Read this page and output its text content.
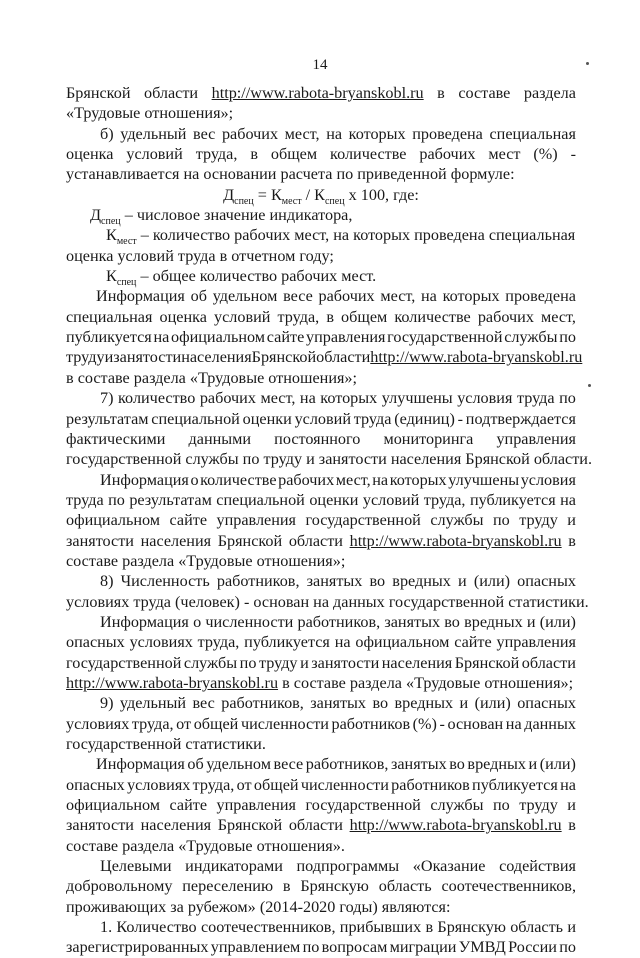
14
Брянской области http://www.rabota-bryanskobl.ru в составе раздела
«Трудовые отношения»;
б) удельный вес рабочих мест, на которых проведена специальная
оценка условий труда, в общем количестве рабочих мест (%) -
устанавливается на основании расчета по приведенной формуле:
$Д_{спец} = К_{мест} / К_{спец}$ х 100, где:
$Д_{спец}$ – числовое значение индикатора,
$К_{мест}$ – количество рабочих мест, на которых проведена специальная
оценка условий труда в отчетном году;
$К_{спец}$ – общее количество рабочих мест.
Информация об удельном весе рабочих мест, на которых проведена
специальная оценка условий труда, в общем количестве рабочих мест,
публикуется на официальном сайте управления государственной службы по
труду и занятости населения Брянской области http://www.rabota-bryanskobl.ru
в составе раздела «Трудовые отношения»;
7) количество рабочих мест, на которых улучшены условия труда по
результатам специальной оценки условий труда (единиц) - подтверждается
фактическими данными постоянного мониторинга управления
государственной службы по труду и занятости населения Брянской области.
Информация о количестве рабочих мест, на которых улучшены условия
труда по результатам специальной оценки условий труда, публикуется на
официальном сайте управления государственной службы по труду и
занятости населения Брянской области http://www.rabota-bryanskobl.ru в
составе раздела «Трудовые отношения»;
8) Численность работников, занятых во вредных и (или) опасных
условиях труда (человек) - основан на данных государственной статистики.
Информация о численности работников, занятых во вредных и (или)
опасных условиях труда, публикуется на официальном сайте управления
государственной службы по труду и занятости населения Брянской области
http://www.rabota-bryanskobl.ru в составе раздела «Трудовые отношения»;
9) удельный вес работников, занятых во вредных и (или) опасных
условиях труда, от общей численности работников (%) - основан на данных
государственной статистики.
Информация об удельном весе работников, занятых во вредных и (или)
опасных условиях труда, от общей численности работников публикуется на
официальном сайте управления государственной службы по труду и
занятости населения Брянской области http://www.rabota-bryanskobl.ru в
составе раздела «Трудовые отношения».
Целевыми индикаторами подпрограммы «Оказание содействия
добровольному переселению в Брянскую область соотечественников,
проживающих за рубежом» (2014-2020 годы) являются:
1. Количество соотечественников, прибывших в Брянскую область и
зарегистрированных управлением по вопросам миграции УМВД России по
